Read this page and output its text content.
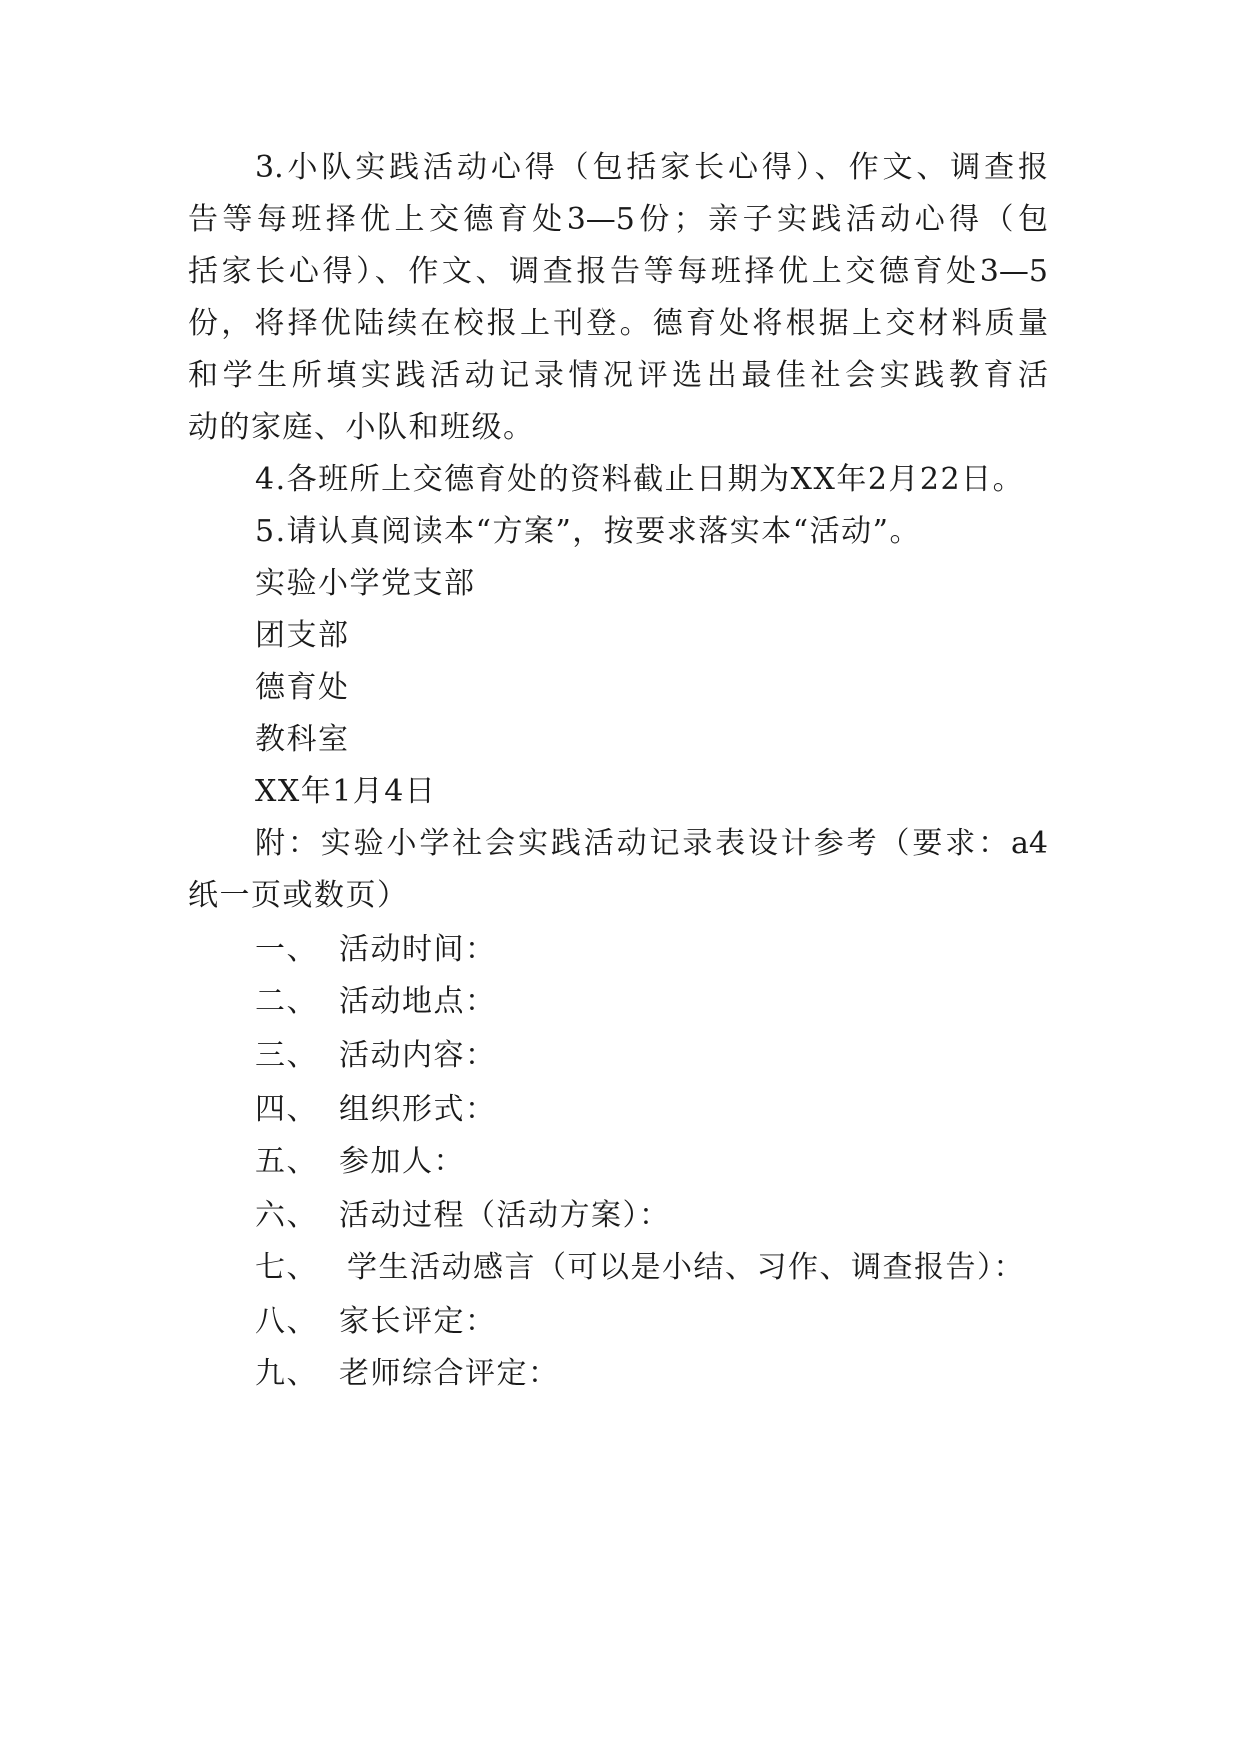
3.小队实践活动心得（包括家长心得）、作文、调查报
告等每班择优上交德育处3—5份；亲子实践活动心得（包
括家长心得）、作文、调查报告等每班择优上交德育处3—5
份，将择优陆续在校报上刊登。德育处将根据上交材料质量
和学生所填实践活动记录情况评选出最佳社会实践教育活
动的家庭、小队和班级。
4.各班所上交德育处的资料截止日期为XX年2月22日。
5.请认真阅读本“方案”，按要求落实本“活动”。
实验小学党支部
团支部
德育处
教科室
XX年1月4日
附：实验小学社会实践活动记录表设计参考（要求：a4
纸一页或数页）
一、 活动时间：
二、 活动地点：
三、 活动内容：
四、 组织形式：
五、 参加人：
六、 活动过程（活动方案）：
七、 学生活动感言（可以是小结、习作、调查报告）：
八、 家长评定：
九、 老师综合评定：
